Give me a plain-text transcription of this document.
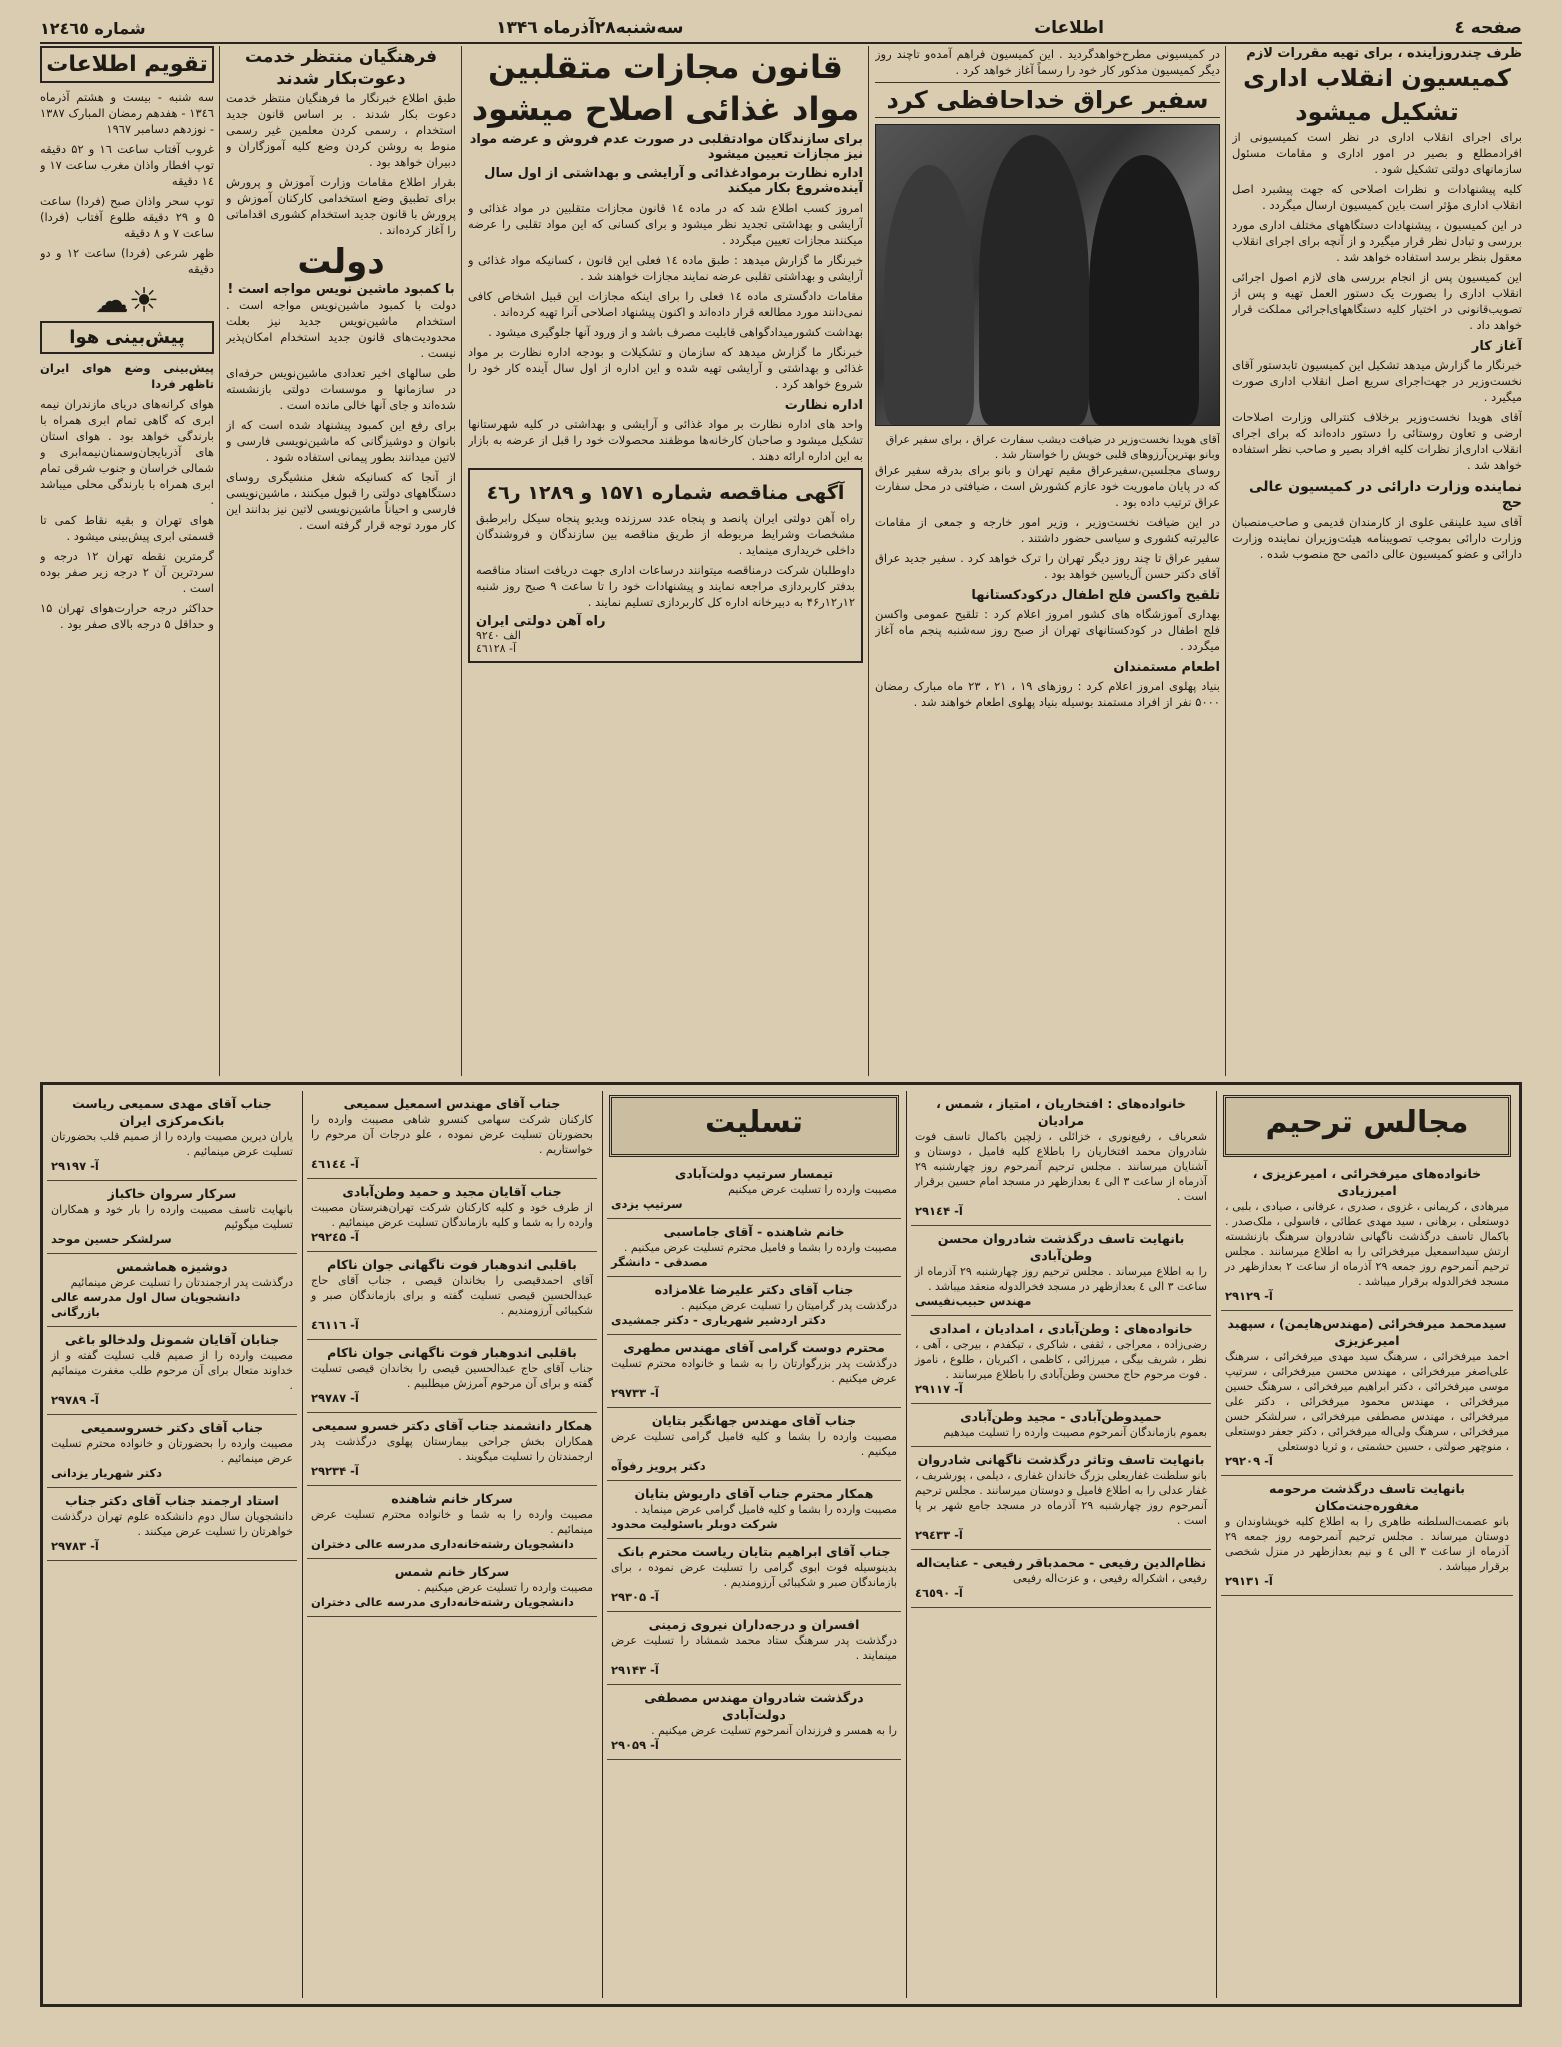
صفحه ٤
اطلاعات
سه‌شنبه۲۸آذرماه ۱۳۴٦
شماره ۱۲٤٦٥
ظرف چندروزآینده ، برای تهیه مقررات لازم
کمیسیون انقلاب اداری تشکیل میشود

برای اجرای انقلاب اداری در نظر است کمیسیونی از افرادمطلع و بصیر در امور اداری و مقامات مسئول سازمانهای دولتی تشکیل شود .

کلیه پیشنهادات و نظرات اصلاحی که جهت پیشبرد اصل انقلاب اداری مؤثر است باین کمیسیون ارسال میگردد .

در این کمیسیون ، پیشنهادات دستگاههای مختلف اداری مورد بررسی و تبادل نظر قرار میگیرد و از آنچه برای اجرای انقلاب معقول بنظر برسد استفاده خواهد شد .

این کمیسیون پس از انجام بررسی های لازم اصول اجرائی انقلاب اداری را بصورت یک دستور العمل تهیه و پس از تصویب‌قانونی در اختیار کلیه دستگاههای‌اجرائی مملکت قرار خواهد داد .

آغاز کار

خبرنگار ما گزارش میدهد تشکیل این کمیسیون تابدستور آقای نخست‌وزیر در جهت‌اجرای سریع اصل انقلاب اداری صورت میگیرد .

آقای هویدا نخست‌وزیر برخلاف کنترالی وزارت اصلاحات ارضی و تعاون روستائی را دستور داده‌اند که برای اجرای انقلاب اداری‌از نظرات کلیه افراد بصیر و صاحب نظر استفاده خواهد شد .

نماینده وزارت دارائی در کمیسیون عالی حج

آقای سید علینقی علوی از کارمندان قدیمی و صاحب‌منصبان وزارت دارائی بموجب تصویبنامه هیئت‌وزیران نماینده وزارت دارائی و عضو کمیسیون عالی دائمی حج منصوب شده .

در کمیسیونی مطرح‌خواهدگردید . این کمیسیون فراهم آمده‌و تاچند روز دیگر کمیسیون مذکور کار خود را رسماً آغاز خواهد کرد .

سفیر عراق خداحافظی کرد
آقای هویدا نخست‌وزیر در ضیافت دیشب سفارت عراق ، برای سفیر عراق وبانو بهترین‌آرزوهای قلبی خویش را خواستار شد .

روسای مجلسین،سفیرعراق مقیم تهران و بانو برای بدرقه سفیر عراق که در پایان ماموریت خود عازم کشورش است ، ضیافتی در محل سفارت عراق ترتیب داده بود .

در این ضیافت نخست‌وزیر ، وزیر امور خارجه و جمعی از مقامات عالیرتبه کشوری و سیاسی حضور داشتند .

سفیر عراق تا چند روز دیگر تهران را ترک خواهد کرد . سفیر جدید عراق آقای دکتر حسن آل‌یاسین خواهد بود .

تلقیح واکسن فلج اطفال درکودکستانها

بهداری آموزشگاه های کشور امروز اعلام کرد : تلقیح عمومی واکسن فلج اطفال در کودکستانهای تهران از صبح روز سه‌شنبه پنجم ماه آغاز میگردد .

اطعام مستمندان

بنیاد پهلوی امروز اعلام کرد : روزهای ۱۹ ، ۲۱ ، ۲۳ ماه مبارک رمضان ۵۰۰۰ نفر از افراد مستمند بوسیله بنیاد پهلوی اطعام خواهند شد .

قانون مجازات متقلبین
مواد غذائی اصلاح میشود
برای سازندگان موادتقلبی در صورت عدم فروش و عرضه مواد نیز مجازات تعیین میشود
اداره نظارت برموادغذائی و آرایشی و بهداشتی از اول سال آینده‌شروع بکار میکند

امروز کسب اطلاع شد که در ماده ۱٤ قانون مجازات متقلبین در مواد غذائی و آرایشی و بهداشتی تجدید نظر میشود و برای کسانی که این مواد تقلبی را عرضه میکنند مجازات تعیین میگردد .

خبرنگار ما گزارش میدهد : طبق ماده ۱٤ فعلی این قانون ، کسانیکه مواد غذائی و آرایشی و بهداشتی تقلبی عرضه نمایند مجازات خواهند شد .

مقامات دادگستری ماده ۱٤ فعلی را برای اینکه مجازات این قبیل اشخاص کافی نمی‌دانند مورد مطالعه قرار داده‌اند و اکنون پیشنهاد اصلاحی آنرا تهیه کرده‌اند .

بهداشت کشورمیدادگواهی قابلیت مصرف باشد و از ورود آنها جلوگیری میشود .

خبرنگار ما گزارش میدهد که سازمان و تشکیلات و بودجه اداره نظارت بر مواد غذائی و بهداشتی و آرایشی تهیه شده و این اداره از اول سال آینده کار خود را شروع خواهد کرد .

اداره نظارت

واحد های اداره نظارت بر مواد غذائی و آرایشی و بهداشتی در کلیه شهرستانها تشکیل میشود و صاحبان کارخانه‌ها موظفند محصولات خود را قبل از عرضه به بازار به این اداره ارائه دهند .

آگهی مناقصه شماره ۱۵۷۱ و ۱۲۸۹ ر٤٦

راه آهن دولتی ایران پانصد و پنجاه عدد سرزنده ویدیو پنجاه سیکل رابرطبق مشخصات وشرایط مربوطه از طریق مناقصه بین سازندگان و فروشندگان داخلی خریداری مینماید .

داوطلبان شرکت درمناقصه میتوانند درساعات اداری جهت دریافت اسناد مناقصه بدفتر کاربردازی مراجعه نمایند و پیشنهادات خود را تا ساعت ۹ صبح روز شنبه ۱۲ر۱۲ر۴۶ به دبیرخانه اداره کل کاربردازی تسلیم نمایند .

راه آهن دولتی ایران
الف ۹۲٤٠
آ- ٤٦١٢٨
فرهنگیان منتظر خدمت دعوت‌بکار شدند

طبق اطلاع خبرنگار ما فرهنگیان منتظر خدمت دعوت بکار شدند . بر اساس قانون جدید استخدام ، رسمی کردن معلمین غیر رسمی منوط به روشن کردن وضع کلیه آموزگاران و دبیران خواهد بود .

بقرار اطلاع مقامات وزارت آموزش و پرورش برای تطبیق وضع استخدامی کارکنان آموزش و پرورش با قانون جدید استخدام کشوری اقداماتی را آغاز کرده‌اند .

دولت
با کمبود ماشین نویس مواجه است !

دولت با کمبود ماشین‌نویس مواجه است . استخدام ماشین‌نویس جدید نیز بعلت محدودیت‌های قانون جدید استخدام امکان‌پذیر نیست .

طی سالهای اخیر تعدادی ماشین‌نویس حرفه‌ای در سازمانها و موسسات دولتی بازنشسته شده‌اند و جای آنها خالی مانده است .

برای رفع این کمبود پیشنهاد شده است که از بانوان و دوشیزگانی که ماشین‌نویسی فارسی و لاتین میدانند بطور پیمانی استفاده شود .

از آنجا که کسانیکه شغل منشیگری روسای دستگاههای دولتی را قبول میکنند ، ماشین‌نویسی فارسی و احیاناً ماشین‌نویسی لاتین نیز بدانند این کار مورد توجه قرار گرفته است .

تقویم اطلاعات

سه شنبه - بیست و هشتم آذرماه ۱۳٤٦ - هفدهم رمضان المبارک ۱۳۸۷ - نوزدهم دسامبر ۱۹٦۷

غروب آفتاب ساعت ۱٦ و ۵۲ دقیقه توپ افطار واذان مغرب ساعت ۱۷ و ۱٤ دقیقه

توپ سحر واذان صبح (فردا) ساعت ۵ و ۲۹ دقیقه طلوع آفتاب (فردا) ساعت ۷ و ۸ دقیقه

ظهر شرعی (فردا) ساعت ۱۲ و دو دقیقه

☀☁
پیش‌بینی هوا

پیش‌بینی وضع هوای ایران تاظهر فردا

هوای کرانه‌های دریای مازندران نیمه ابری که گاهی تمام ابری همراه با بارندگی خواهد بود . هوای استان های آذربایجان‌وسمنان‌نیمه‌ابری و شمالی خراسان و جنوب شرقی تمام ابری همراه با بارندگی محلی میباشد .

هوای تهران و بقیه نقاط کمی تا قسمتی ابری پیش‌بینی میشود .

گرمترین نقطه تهران ۱۲ درجه و سردترین آن ۲ درجه زیر صفر بوده است .

حداکثر درجه حرارت‌هوای تهران ۱۵ و حداقل ۵ درجه بالای صفر بود .

مجالس ترحیم
خانواده‌های میرفخرائی ، امیرعزیزی ، امیرزیادی
میرهادی ، کریمانی ، غزوی ، صدری ، عرفانی ، صیادی ، بلبی ، دوستعلی ، برهانی ، سید مهدی عطائی ، فاسولی ، ملک‌صدر . باکمال تاسف درگذشت ناگهانی شادروان سرهنگ بازنشسته ارتش سیداسمعیل میرفخرائی را به اطلاع میرسانند . مجلس ترحیم آنمرحوم روز جمعه ۲۹ آذرماه از ساعت ۲ بعدازظهر در مسجد فخرالدوله برقرار میباشد .
آ- ۲۹۱۲۹
سیدمحمد میرفخرائی (مهندس‌هایمن) ، سپهبد امیرعزیزی
احمد میرفخرائی ، سرهنگ سید مهدی میرفخرائی ، سرهنگ علی‌اصغر میرفخرائی ، مهندس محسن میرفخرائی ، سرتیپ موسی میرفخرائی ، دکتر ابراهیم میرفخرائی ، سرهنگ حسین میرفخرائی ، مهندس محمود میرفخرائی ، دکتر علی میرفخرائی ، مهندس مصطفی میرفخرائی ، سرلشکر حسن میرفخرائی ، سرهنگ ولی‌اله میرفخرائی ، دکتر جعفر دوستعلی ، منوچهر صولتی ، حسین حشمتی ، و ثریا دوستعلی
آ- ۲۹۲۰۹
بانهایت تاسف درگذشت مرحومه مغفوره‌جنت‌مکان
بانو عصمت‌السلطنه طاهری را به اطلاع کلیه خویشاوندان و دوستان میرساند . مجلس ترحیم آنمرحومه روز جمعه ۲۹ آذرماه از ساعت ۳ الی ٤ و نیم بعدازظهر در منزل شخصی برقرار میباشد .
آ- ۲۹۱۳۱
خانواده‌های : افتخاریان ، امتیاز ، شمس ، مرادیان
شعرباف ، رفیع‌نوری ، خزائلی ، زلچین باکمال تاسف فوت شادروان محمد افتخاریان را باطلاع کلیه فامیل ، دوستان و آشنایان میرسانند . مجلس ترحیم آنمرحوم روز چهارشنبه ۲۹ آذرماه از ساعت ۳ الی ٤ بعدازظهر در مسجد امام حسین برقرار است .
آ- ۲۹۱٤۴
بانهایت تاسف درگذشت شادروان محسن وطن‌آبادی
را به اطلاع میرساند . مجلس ترحیم روز چهارشنبه ۲۹ آذرماه از ساعت ۳ الی ٤ بعدازظهر در مسجد فخرالدوله منعقد میباشد .
مهندس حبیب‌نفیسی
خانواده‌های : وطن‌آبادی ، امدادیان ، امدادی
رضی‌زاده ، معراجی ، ثقفی ، شاکری ، تیکفدم ، بیرجی ، آهی ، نظر ، شریف بیگی ، میرزائی ، کاظمی ، اکبریان ، طلوع ، ناموز . فوت مرحوم حاج محسن وطن‌آبادی را باطلاع میرسانند .
آ- ۲۹۱۱۷
حمیدوطن‌آبادی - مجید وطن‌آبادی
بعموم بازماندگان آنمرحوم مصیبت وارده را تسلیت میدهیم
بانهایت تاسف وتاثر درگذشت ناگهانی شادروان
بانو سلطنت غفاریعلی بزرگ خاندان غفاری ، دیلمی ، پورشریف ، غفار عدلی را به اطلاع فامیل و دوستان میرسانند . مجلس ترحیم آنمرحوم روز چهارشنبه ۲۹ آذرماه در مسجد جامع شهر بر پا است .
آ- ۲۹٤۳۳
نظام‌الدین رفیعی - محمدباقر رفیعی - عنایت‌اله
رفیعی ، اشکراله رفیعی ، و عزت‌اله رفیعی
آ- ٤٦٥۹٠
تسلیت
تیمسار سرتیپ دولت‌آبادی
مصیبت وارده را تسلیت عرض میکنیم
سرتیپ یزدی
خانم شاهنده - آقای جاماسبی
مصیبت وارده را بشما و فامیل محترم تسلیت عرض میکنیم .
مصدقی - دانشگر
جناب آقای دکتر علیرضا غلامزاده
درگذشت پدر گرامیتان را تسلیت عرض میکنیم .
دکتر اردشیر شهریاری - دکتر جمشیدی
محترم دوست گرامی آقای مهندس مطهری
درگذشت پدر بزرگوارتان را به شما و خانواده محترم تسلیت عرض میکنیم .
آ- ۲۹۷۳۳
جناب آقای مهندس جهانگیر بتایان
مصیبت وارده را بشما و کلیه فامیل گرامی تسلیت عرض میکنیم .
دکتر پرویز رفوآه
همکار محترم جناب آقای داریوش بتایان
مصیبت وارده را بشما و کلیه فامیل گرامی عرض مینماید .
شرکت دوبلر باسئولیت محدود
جناب آقای ابراهیم بتایان ریاست محترم بانک
بدینوسیله فوت ابوی گرامی را تسلیت عرض نموده ، برای بازماندگان صبر و شکیبائی آرزومندیم .
آ- ۲۹۳۰۵
افسران و درجه‌داران نیروی زمینی
درگذشت پدر سرهنگ ستاد محمد شمشاد را تسلیت عرض مینمایند .
آ- ۲۹۱۴۳
درگذشت شادروان مهندس مصطفی دولت‌آبادی
را به همسر و فرزندان آنمرحوم تسلیت عرض میکنیم .
آ- ۲۹۰۵۹
جناب آقای مهندس اسمعیل سمیعی
کارکنان شرکت سهامی کنسرو شاهی مصیبت وارده را بحضورتان تسلیت عرض نموده ، علو درجات آن مرحوم را خواستاریم .
آ- ٤٦١٤٤
جناب آقایان مجید و حمید وطن‌آبادی
از طرف خود و کلیه کارکنان شرکت تهران‌هنرستان مصیبت وارده را به شما و کلیه بازماندگان تسلیت عرض مینمائیم .
آ- ۲۹۲٤۵
باقلبی اندوهبار فوت ناگهانی جوان ناکام
آقای احمدقیصی را بخاندان قیصی ، جناب آقای حاج عبدالحسین قیصی تسلیت گفته و برای بازماندگان صبر و شکیبائی آرزومندیم .
آ- ٤٦١١٦
باقلبی اندوهبار فوت ناگهانی جوان ناکام
جناب آقای حاج عبدالحسین قیصی را بخاندان قیصی تسلیت گفته و برای آن مرحوم آمرزش میطلبیم .
آ- ۲۹۷۸۷
همکار دانشمند جناب آقای دکتر خسرو سمیعی
همکاران بخش جراحی بیمارستان پهلوی درگذشت پدر ارجمندتان را تسلیت میگویند .
آ- ۲۹۲۳۴
سرکار خانم شاهنده
مصیبت وارده را به شما و خانواده محترم تسلیت عرض مینمائیم .
دانشجویان رشته‌خانه‌داری مدرسه عالی دختران
سرکار خانم شمس
مصیبت وارده را تسلیت عرض میکنیم .
دانشجویان رشته‌خانه‌داری مدرسه عالی دختران
جناب آقای مهدی سمیعی ریاست بانک‌مرکزی ایران
یاران دیرین مصیبت وارده را از صمیم قلب بحضورتان تسلیت عرض مینمائیم .
آ- ۲۹۱۹۷
سرکار سروان خاکباز
بانهایت تاسف مصیبت وارده را بار خود و همکاران تسلیت میگوئیم
سرلشکر حسین موحد
دوشیزه هماشمس
درگذشت پدر ارجمندتان را تسلیت عرض مینمائیم
دانشجویان سال اول مدرسه عالی بازرگانی
جنابان آقایان شمونل ولدخالو باغی
مصیبت وارده را از صمیم قلب تسلیت گفته و از خداوند متعال برای آن مرحوم طلب مغفرت مینمائیم .
آ- ۲۹۷۸۹
جناب آقای دکتر خسروسمیعی
مصیبت وارده را بحضورتان و خانواده محترم تسلیت عرض مینمائیم .
دکتر شهریار یزدانی
استاد ارجمند جناب آقای دکتر جناب
دانشجویان سال دوم دانشکده علوم تهران درگذشت خواهرتان را تسلیت عرض میکنند .
آ- ۲۹۷۸۳
